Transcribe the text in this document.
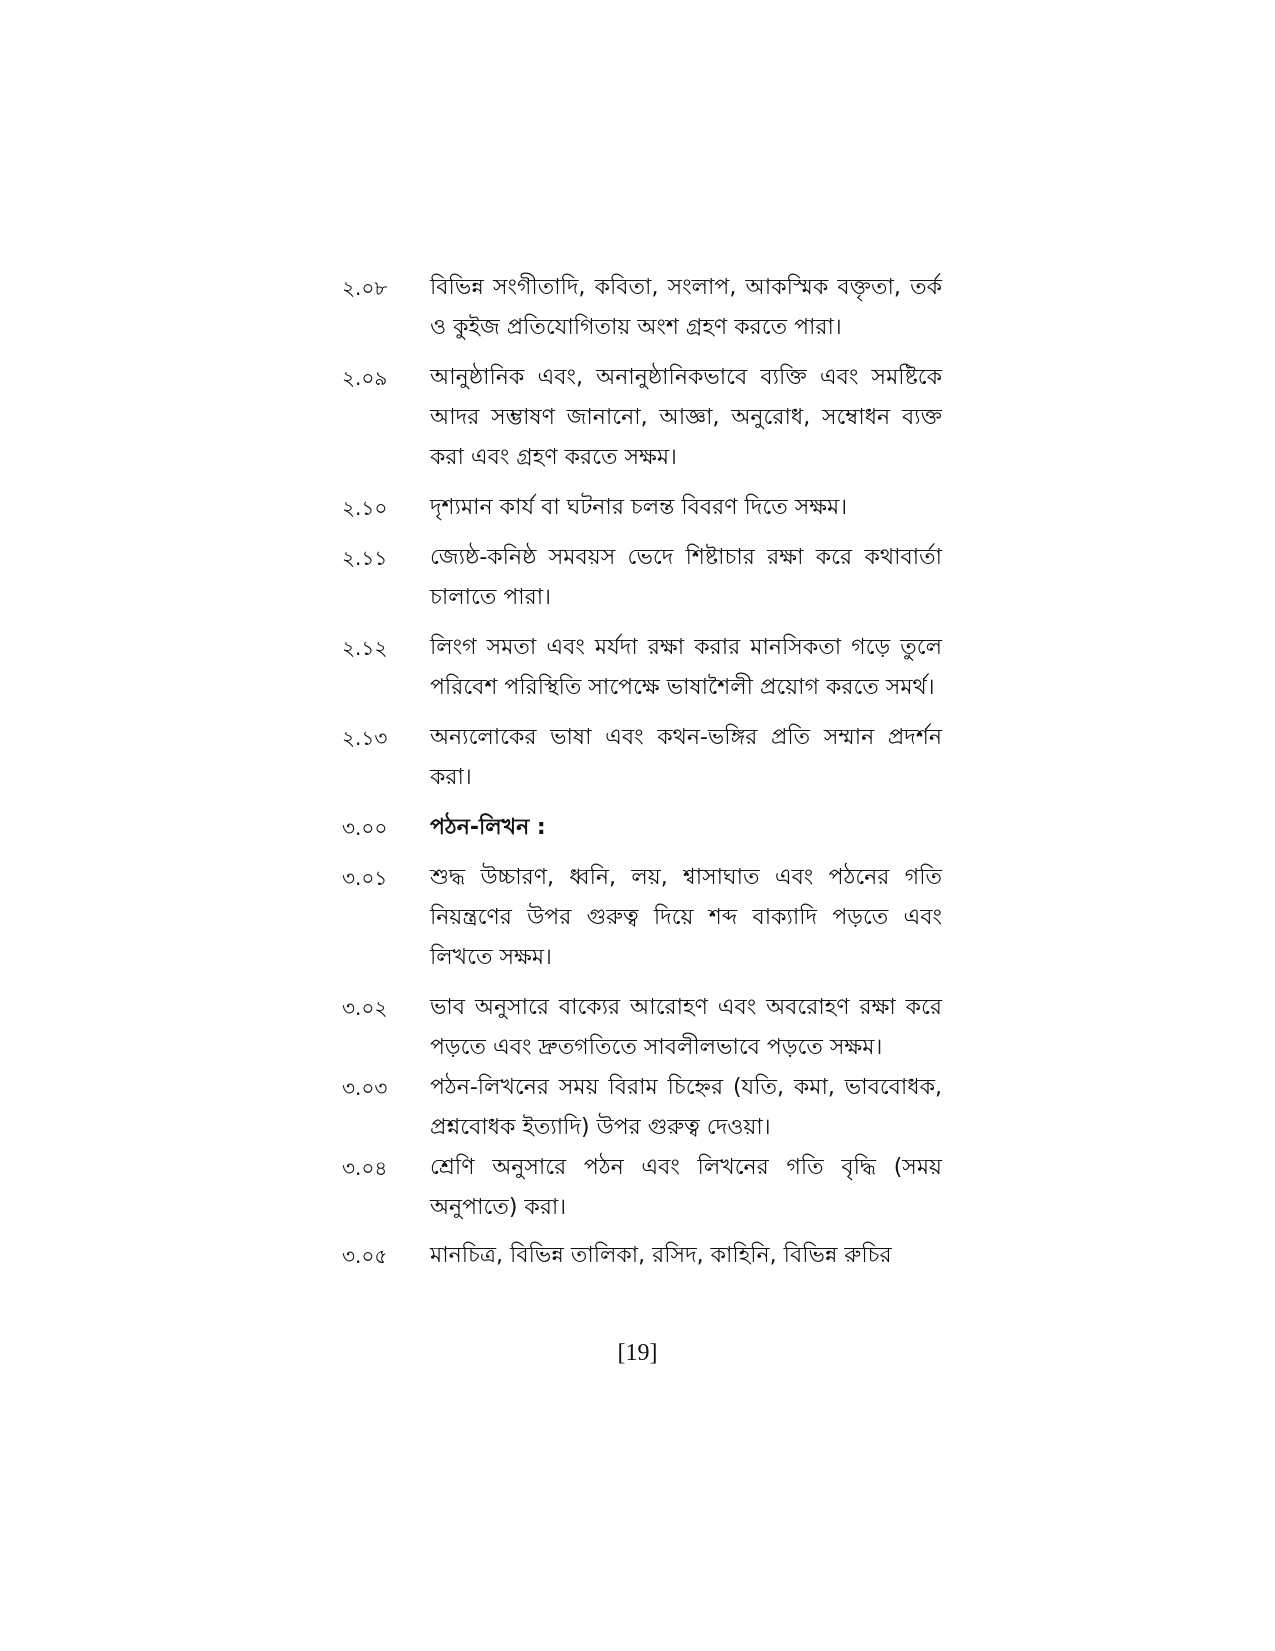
২.০৮	বিভিন্ন সংগীতাদি, কবিতা, সংলাপ, আকস্মিক বক্তৃতা, তর্ক ও কুইজ প্রতিযোগিতায় অংশ গ্রহণ করতে পারা।
২.০৯	আনুষ্ঠানিক এবং, অনানুষ্ঠানিকভাবে ব্যক্তি এবং সমষ্টিকে আদর সম্ভাষণ জানানো, আজ্ঞা, অনুরোধ, সম্বোধন ব্যক্ত করা এবং গ্রহণ করতে সক্ষম।
২.১০	দৃশ্যমান কার্য বা ঘটনার চলন্ত বিবরণ দিতে সক্ষম।
২.১১	জ্যেষ্ঠ-কনিষ্ঠ সমবয়স ভেদে শিষ্টাচার রক্ষা করে কথাবার্তা চালাতে পারা।
২.১২	লিংগ সমতা এবং মর্যদা রক্ষা করার মানসিকতা গড়ে তুলে পরিবেশ পরিস্থিতি সাপেক্ষে ভাষাশৈলী প্রয়োগ করতে সমর্থ।
২.১৩	অন্যলোকের ভাষা এবং কথন-ভঙ্গির প্রতি সম্মান প্রদর্শন করা।
৩.০০	পঠন-লিখন :
৩.০১	শুদ্ধ উচ্চারণ, ধ্বনি, লয়, শ্বাসাঘাত এবং পঠনের গতি নিয়ন্ত্রণের উপর গুরুত্ব দিয়ে শব্দ বাক্যাদি পড়তে এবং লিখতে সক্ষম।
৩.০২	ভাব অনুসারে বাক্যের আরোহণ এবং অবরোহণ রক্ষা করে পড়তে এবং দ্রুতগতিতে সাবলীলভাবে পড়তে সক্ষম।
৩.০৩	পঠন-লিখনের সময় বিরাম চিহ্নের (যতি, কমা, ভাববোধক, প্রশ্নবোধক ইত্যাদি) উপর গুরুত্ব দেওয়া।
৩.০৪	শ্রেণি অনুসারে পঠন এবং লিখনের গতি বৃদ্ধি (সময় অনুপাতে) করা।
৩.০৫	মানচিত্র, বিভিন্ন তালিকা, রসিদ, কাহিনি, বিভিন্ন রুচির
[19]
